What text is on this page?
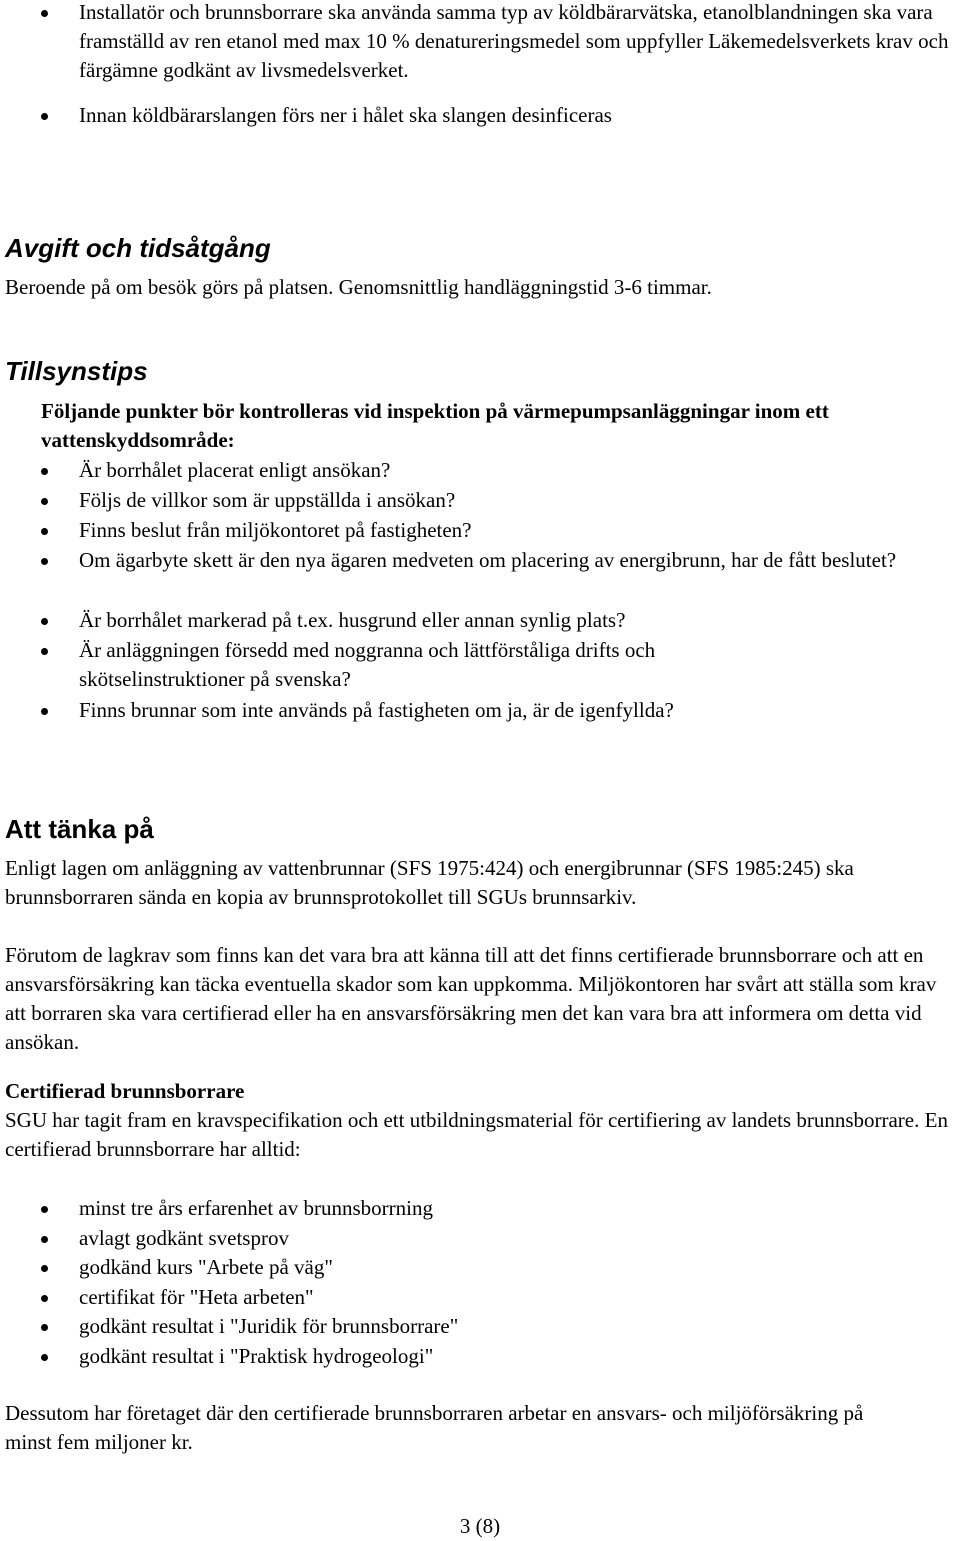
Installatör och brunnsborrare ska använda samma typ av köldbärarvätska, etanolblandningen ska vara framställd av ren etanol med max 10 % denatureringsmedel som uppfyller Läkemedelsverkets krav och färgämne godkänt av livsmedelsverket.
Innan köldbärarslangen förs ner i hålet ska slangen desinficeras
Avgift och tidsåtgång

Beroende på om besök görs på platsen. Genomsnittlig handläggningstid 3-6 timmar.

Tillsynstips

Följande punkter bör kontrolleras vid inspektion på värmepumpsanläggningar inom ett vattenskyddsområde:

Är borrhålet placerat enligt ansökan?
Följs de villkor som är uppställda i ansökan?
Finns beslut från miljökontoret på fastigheten?
Om ägarbyte skett är den nya ägaren medveten om placering av energibrunn, har de fått beslutet?
Är borrhålet markerad på t.ex. husgrund eller annan synlig plats?
Är anläggningen försedd med noggranna och lättförståliga drifts och skötselinstruktioner på svenska?
Finns brunnar som inte används på fastigheten om ja, är de igenfyllda?
Att tänka på

Enligt lagen om anläggning av vattenbrunnar (SFS 1975:424) och energibrunnar (SFS 1985:245) ska brunnsborraren sända en kopia av brunnsprotokollet till SGUs brunnsarkiv.

Förutom de lagkrav som finns kan det vara bra att känna till att det finns certifierade brunnsborrare och att en ansvarsförsäkring kan täcka eventuella skador som kan uppkomma. Miljökontoren har svårt att ställa som krav att borraren ska vara certifierad eller ha en ansvarsförsäkring men det kan vara bra att informera om detta vid ansökan.

Certifierad brunnsborrare

SGU har tagit fram en kravspecifikation och ett utbildningsmaterial för certifiering av landets brunnsborrare. En certifierad brunnsborrare har alltid:

minst tre års erfarenhet av brunnsborrning
avlagt godkänt svetsprov
godkänd kurs "Arbete på väg"
certifikat för "Heta arbeten"
godkänt resultat i "Juridik för brunnsborrare"
godkänt resultat i "Praktisk hydrogeologi"

Dessutom har företaget där den certifierade brunnsborraren arbetar en ansvars- och miljöförsäkring på minst fem miljoner kr.

3 (8)
